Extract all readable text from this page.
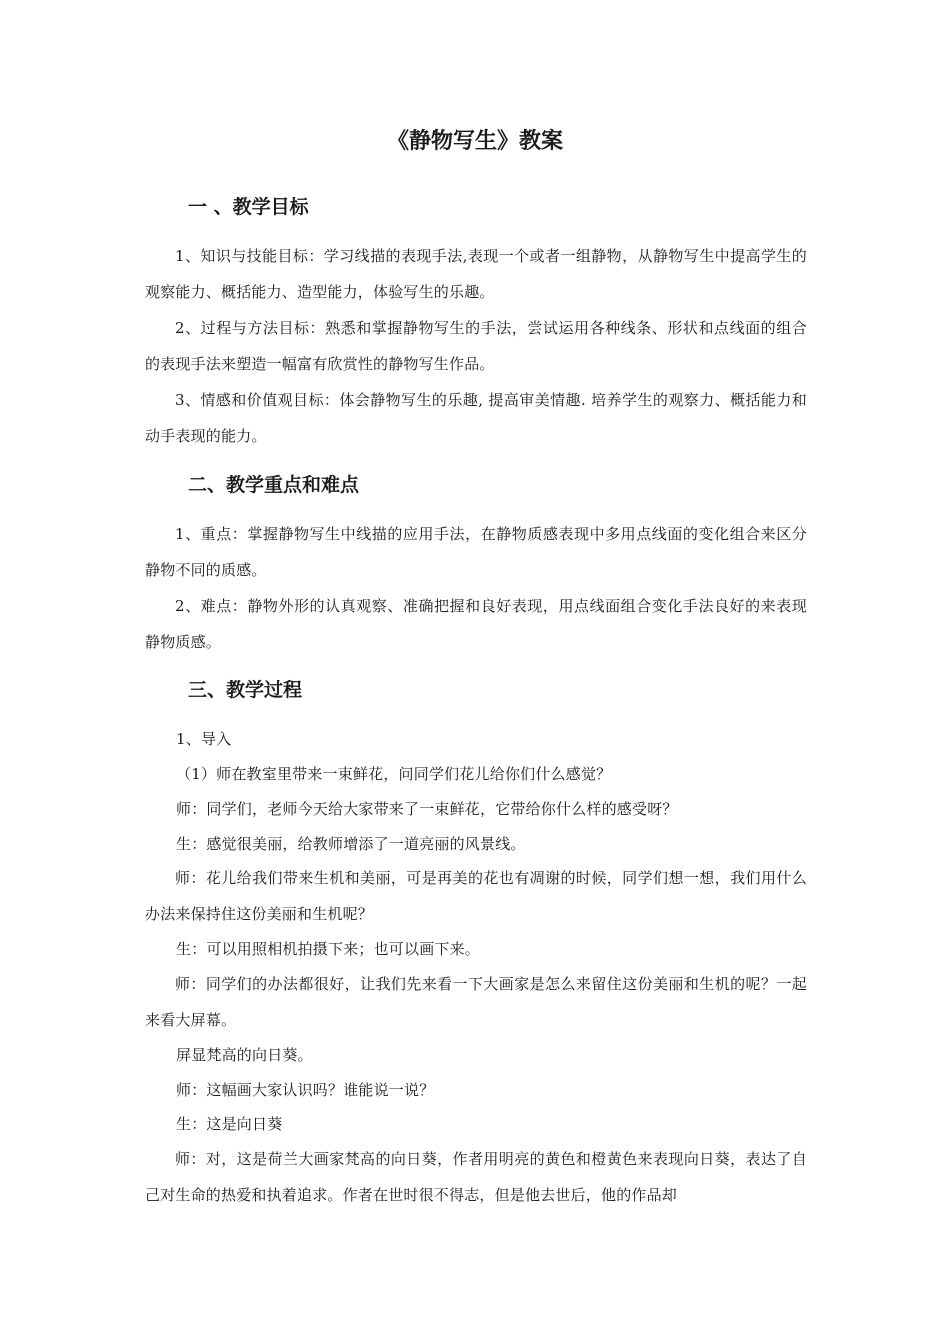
《静物写生》教案
一 、教学目标
1、知识与技能目标：学习线描的表现手法,表现一个或者一组静物，从静物写生中提高学生的观察能力、概括能力、造型能力，体验写生的乐趣。
2、过程与方法目标：熟悉和掌握静物写生的手法，尝试运用各种线条、形状和点线面的组合的表现手法来塑造一幅富有欣赏性的静物写生作品。
3、情感和价值观目标：体会静物写生的乐趣, 提高审美情趣. 培养学生的观察力、概括能力和动手表现的能力。
二、教学重点和难点
1、重点：掌握静物写生中线描的应用手法，在静物质感表现中多用点线面的变化组合来区分静物不同的质感。
2、难点：静物外形的认真观察、准确把握和良好表现，用点线面组合变化手法良好的来表现静物质感。
三、教学过程
1、导入
（1）师在教室里带来一束鲜花，问同学们花儿给你们什么感觉？
师：同学们，老师今天给大家带来了一束鲜花，它带给你什么样的感受呀？
生：感觉很美丽，给教师增添了一道亮丽的风景线。
师：花儿给我们带来生机和美丽，可是再美的花也有凋谢的时候，同学们想一想，我们用什么办法来保持住这份美丽和生机呢？
生：可以用照相机拍摄下来；也可以画下来。
师：同学们的办法都很好，让我们先来看一下大画家是怎么来留住这份美丽和生机的呢？一起来看大屏幕。
屏显梵高的向日葵。
师：这幅画大家认识吗？谁能说一说？
生：这是向日葵
师：对，这是荷兰大画家梵高的向日葵，作者用明亮的黄色和橙黄色来表现向日葵，表达了自己对生命的热爱和执着追求。作者在世时很不得志，但是他去世后，他的作品却
